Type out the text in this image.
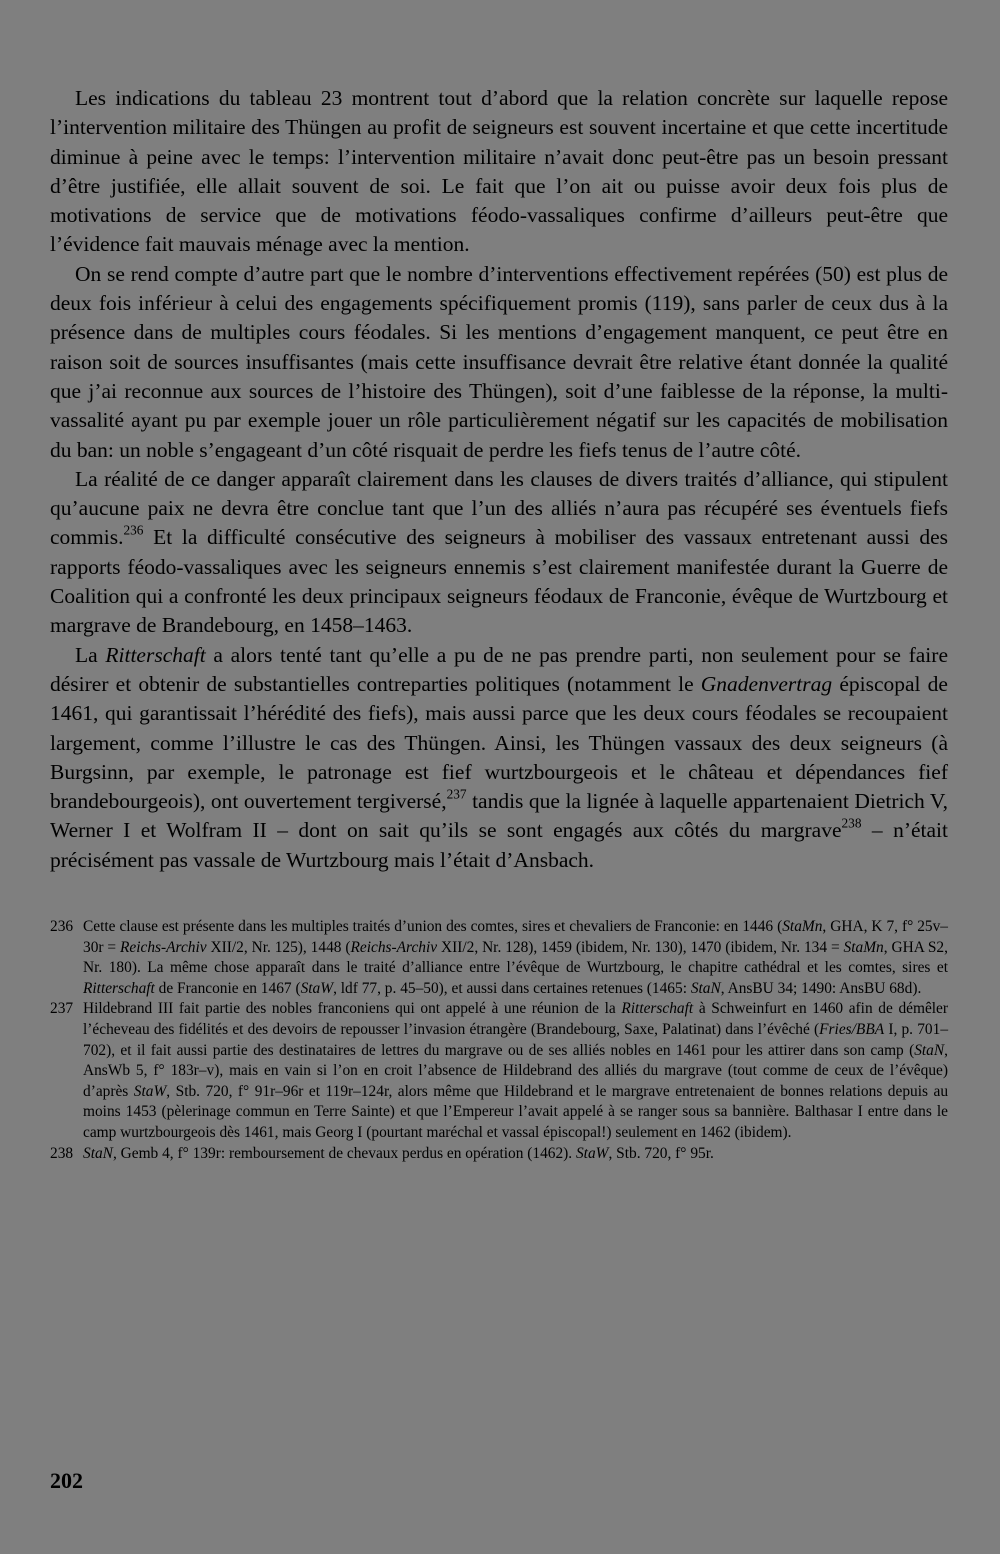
Les indications du tableau 23 montrent tout d’abord que la relation concrète sur laquelle repose l’intervention militaire des Thüngen au profit de seigneurs est souvent incertaine et que cette incertitude diminue à peine avec le temps: l’intervention militaire n’avait donc peut-être pas un besoin pressant d’être justifiée, elle allait souvent de soi. Le fait que l’on ait ou puisse avoir deux fois plus de motivations de service que de motivations féodo-vassaliques confirme d’ailleurs peut-être que l’évidence fait mauvais ménage avec la mention.

On se rend compte d’autre part que le nombre d’interventions effectivement repérées (50) est plus de deux fois inférieur à celui des engagements spécifiquement promis (119), sans parler de ceux dus à la présence dans de multiples cours féodales. Si les mentions d’engagement manquent, ce peut être en raison soit de sources insuffisantes (mais cette insuffisance devrait être relative étant donnée la qualité que j’ai reconnue aux sources de l’histoire des Thüngen), soit d’une faiblesse de la réponse, la multi-vassalité ayant pu par exemple jouer un rôle particulièrement négatif sur les capacités de mobilisation du ban: un noble s’engageant d’un côté risquait de perdre les fiefs tenus de l’autre côté.

La réalité de ce danger apparaît clairement dans les clauses de divers traités d’alliance, qui stipulent qu’aucune paix ne devra être conclue tant que l’un des alliés n’aura pas récupéré ses éventuels fiefs commis.$^{236}$ Et la difficulté consécutive des seigneurs à mobiliser des vassaux entretenant aussi des rapports féodo-vassaliques avec les seigneurs ennemis s’est clairement manifestée durant la Guerre de Coalition qui a confronté les deux principaux seigneurs féodaux de Franconie, évêque de Wurtzbourg et margrave de Brandebourg, en 1458–1463.

La Ritterschaft a alors tenté tant qu’elle a pu de ne pas prendre parti, non seulement pour se faire désirer et obtenir de substantielles contreparties politiques (notamment le Gnadenvertrag épiscopal de 1461, qui garantissait l’hérédité des fiefs), mais aussi parce que les deux cours féodales se recoupaient largement, comme l’illustre le cas des Thüngen. Ainsi, les Thüngen vassaux des deux seigneurs (à Burgsinn, par exemple, le patronage est fief wurtzbourgeois et le château et dépendances fief brandebourgeois), ont ouvertement tergiversé,$^{237}$ tandis que la lignée à laquelle appartenaient Dietrich V, Werner I et Wolfram II – dont on sait qu’ils se sont engagés aux côtés du margrave$^{238}$ – n’était précisément pas vassale de Wurtzbourg mais l’était d’Ansbach.

236 Cette clause est présente dans les multiples traités d’union des comtes, sires et chevaliers de Franconie: en 1446 (StaMn, GHA, K 7, f° 25v–30r = Reichs-Archiv XII/2, Nr. 125), 1448 (Reichs-Archiv XII/2, Nr. 128), 1459 (ibidem, Nr. 130), 1470 (ibidem, Nr. 134 = StaMn, GHA S2, Nr. 180). La même chose apparaît dans le traité d’alliance entre l’évêque de Wurtzbourg, le chapitre cathédral et les comtes, sires et Ritterschaft de Franconie en 1467 (StaW, ldf 77, p. 45–50), et aussi dans certaines retenues (1465: StaN, AnsBU 34; 1490: AnsBU 68d).
237 Hildebrand III fait partie des nobles franconiens qui ont appelé à une réunion de la Ritterschaft à Schweinfurt en 1460 afin de démêler l’écheveau des fidélités et des devoirs de repousser l’invasion étrangère (Brandebourg, Saxe, Palatinat) dans l’évêché (Fries/BBA I, p. 701–702), et il fait aussi partie des destinataires de lettres du margrave ou de ses alliés nobles en 1461 pour les attirer dans son camp (StaN, AnsWb 5, f° 183r–v), mais en vain si l’on en croit l’absence de Hildebrand des alliés du margrave (tout comme de ceux de l’évêque) d’après StaW, Stb. 720, f° 91r–96r et 119r–124r, alors même que Hildebrand et le margrave entretenaient de bonnes relations depuis au moins 1453 (pèlerinage commun en Terre Sainte) et que l’Empereur l’avait appelé à se ranger sous sa bannière. Balthasar I entre dans le camp wurtzbourgeois dès 1461, mais Georg I (pourtant maréchal et vassal épiscopal!) seulement en 1462 (ibidem).
238 StaN, Gemb 4, f° 139r: remboursement de chevaux perdus en opération (1462). StaW, Stb. 720, f° 95r.
202
